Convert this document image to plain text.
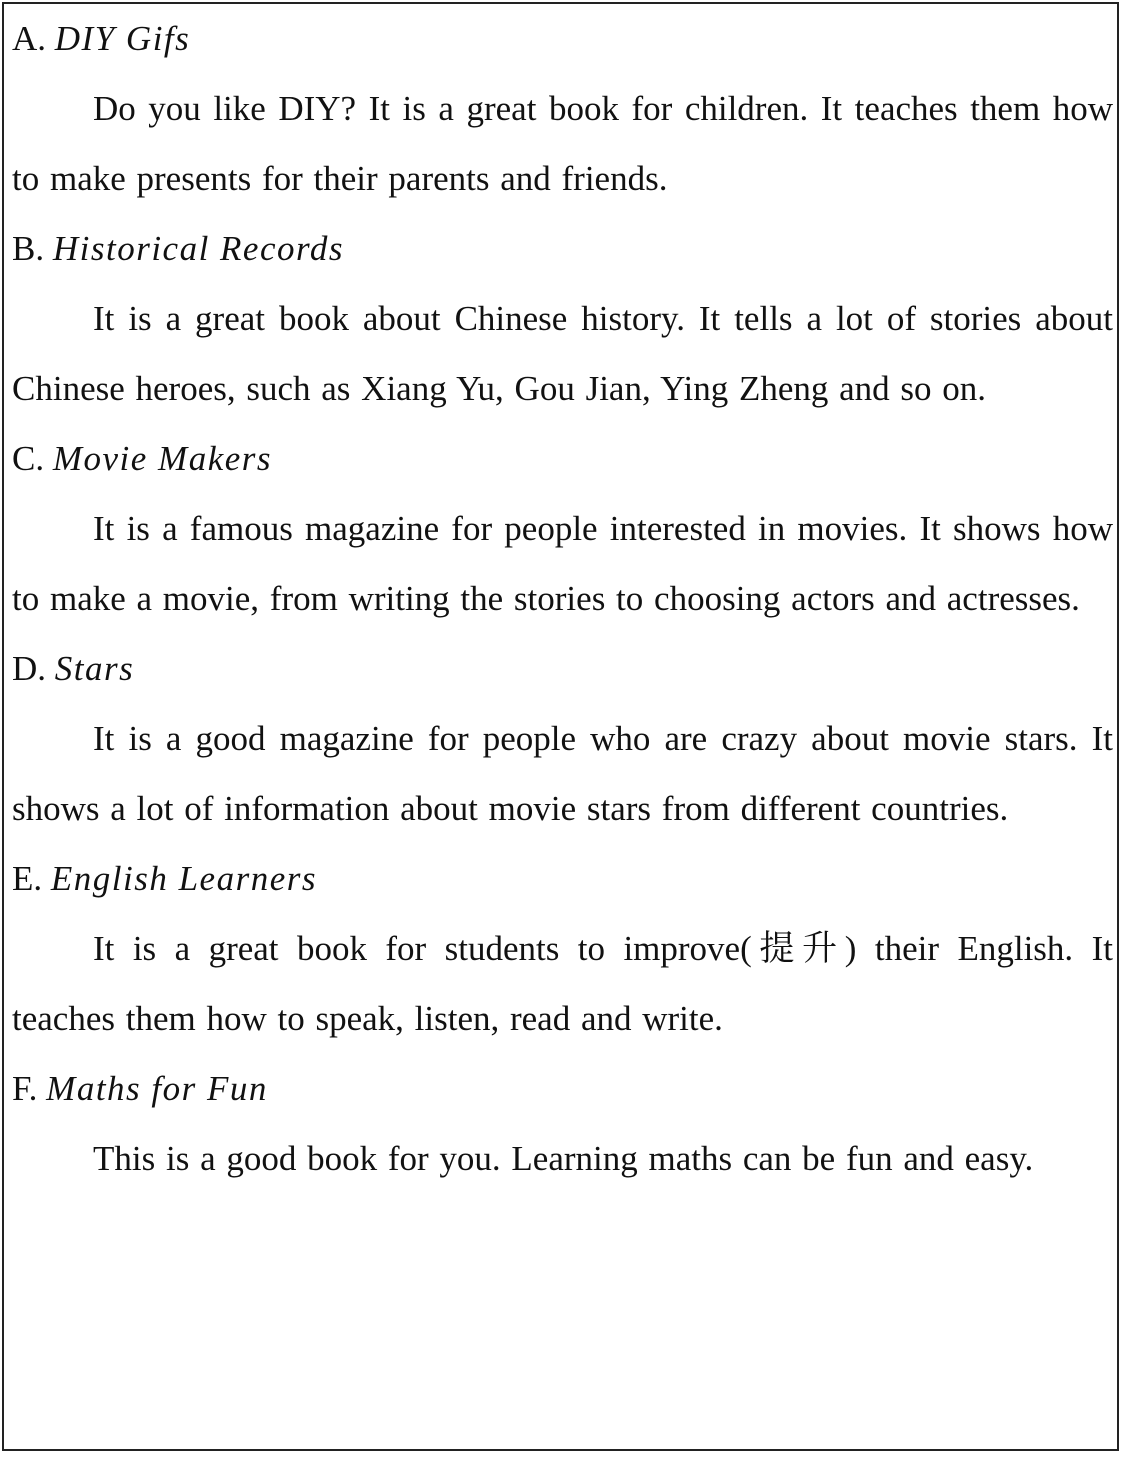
A. DIY Gifs

Do you like DIY? It is a great book for children. It teaches them how to make presents for their parents and friends.

B. Historical Records

It is a great book about Chinese history. It tells a lot of stories about Chinese heroes, such as Xiang Yu, Gou Jian, Ying Zheng and so on.

C. Movie Makers

It is a famous magazine for people interested in movies. It shows how to make a movie, from writing the stories to choosing actors and actresses.

D. Stars

It is a good magazine for people who are crazy about movie stars. It shows a lot of information about movie stars from different countries.

E. English Learners

It is a great book for students to improve(提升) their English. It teaches them how to speak, listen, read and write.

F. Maths for Fun

This is a good book for you. Learning maths can be fun and easy.
